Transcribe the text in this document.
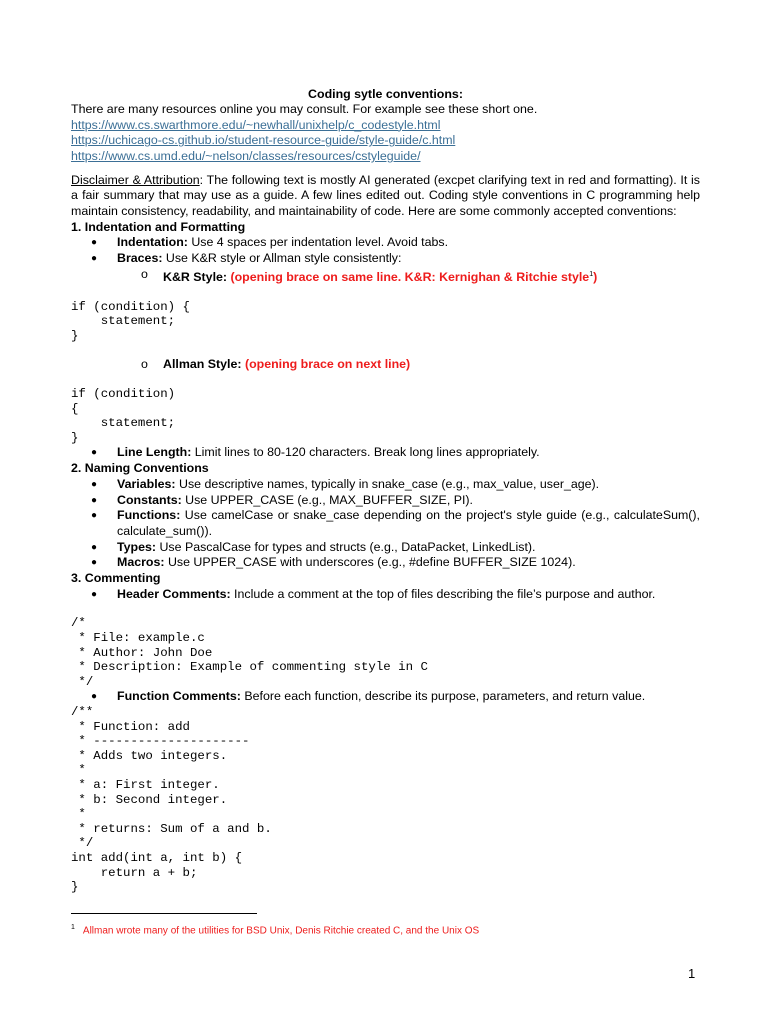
Coding sytle conventions:
There are many resources online you may consult. For example see these short one.
https://www.cs.swarthmore.edu/~newhall/unixhelp/c_codestyle.html
https://uchicago-cs.github.io/student-resource-guide/style-guide/c.html
https://www.cs.umd.edu/~nelson/classes/resources/cstyleguide/
Disclaimer & Attribution: The following text is mostly AI generated (excpet clarifying text in red and formatting). It is a fair summary that may use as a guide. A few lines edited out. Coding style conventions in C programming help maintain consistency, readability, and maintainability of code. Here are some commonly accepted conventions:
1. Indentation and Formatting
● Indentation: Use 4 spaces per indentation level. Avoid tabs.
● Braces: Use K&R style or Allman style consistently:
o K&R Style: (opening brace on same line. K&R: Kernighan & Ritchie style$^1$)
if (condition) {
statement;
}
o Allman Style: (opening brace on next line)
if (condition)
{
statement;
}
● Line Length: Limit lines to 80-120 characters. Break long lines appropriately.
2. Naming Conventions
● Variables: Use descriptive names, typically in snake_case (e.g., max_value, user_age).
● Constants: Use UPPER_CASE (e.g., MAX_BUFFER_SIZE, PI).
● Functions: Use camelCase or snake_case depending on the project's style guide (e.g., calculateSum(), calculate_sum()).
● Types: Use PascalCase for types and structs (e.g., DataPacket, LinkedList).
● Macros: Use UPPER_CASE with underscores (e.g., #define BUFFER_SIZE 1024).
3. Commenting
● Header Comments: Include a comment at the top of files describing the file’s purpose and author.
/*
* File: example.c
* Author: John Doe
* Description: Example of commenting style in C
*/
● Function Comments: Before each function, describe its purpose, parameters, and return value.
/**
* Function: add
* ---------------------
* Adds two integers.
*
* a: First integer.
* b: Second integer.
*
* returns: Sum of a and b.
*/
int add(int a, int b) {
return a + b;
}
$^1$ Allman wrote many of the utilities for BSD Unix, Denis Ritchie created C, and the Unix OS
1
